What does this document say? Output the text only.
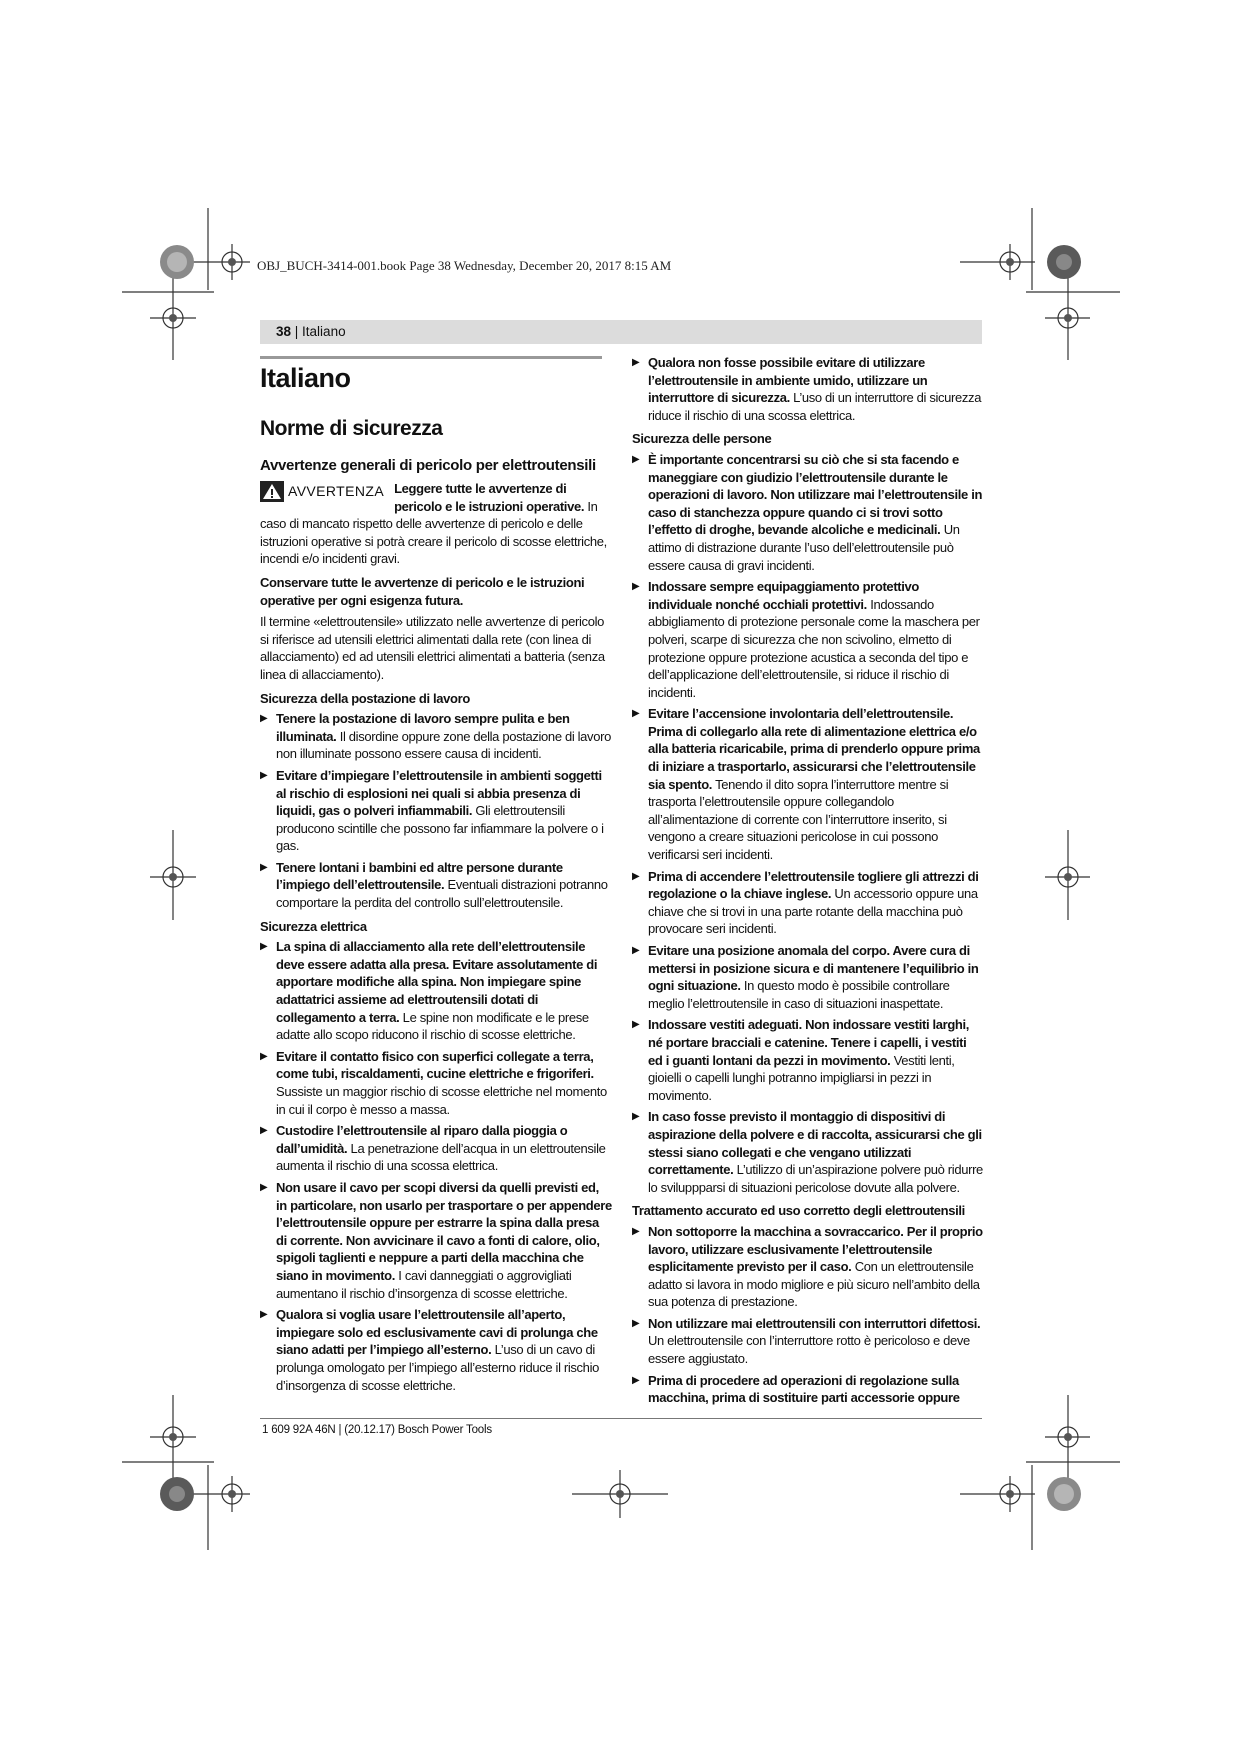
OBJ_BUCH-3414-001.book Page 38 Wednesday, December 20, 2017 8:15 AM
38 | Italiano
Italiano
Norme di sicurezza
Avvertenze generali di pericolo per elettroutensili
AVVERTENZA Leggere tutte le avvertenze di pericolo e le istruzioni operative. In caso di mancato rispetto delle avvertenze di pericolo e delle istruzioni operative si potrà creare il pericolo di scosse elettriche, incendi e/o incidenti gravi.

Conservare tutte le avvertenze di pericolo e le istruzioni operative per ogni esigenza futura.

Il termine «elettroutensile» utilizzato nelle avvertenze di pericolo si riferisce ad utensili elettrici alimentati dalla rete (con linea di allacciamento) ed ad utensili elettrici alimentati a batteria (senza linea di allacciamento).

Sicurezza della postazione di lavoro

▶ Tenere la postazione di lavoro sempre pulita e ben illuminata. Il disordine oppure zone della postazione di lavoro non illuminate possono essere causa di incidenti.

▶ Evitare d’impiegare l’elettroutensile in ambienti soggetti al rischio di esplosioni nei quali si abbia presenza di liquidi, gas o polveri infiammabili. Gli elettroutensili producono scintille che possono far infiammare la polvere o i gas.

▶ Tenere lontani i bambini ed altre persone durante l’impiego dell’elettroutensile. Eventuali distrazioni potranno comportare la perdita del controllo sull’elettroutensile.

Sicurezza elettrica

▶ La spina di allacciamento alla rete dell’elettroutensile deve essere adatta alla presa. Evitare assolutamente di apportare modifiche alla spina. Non impiegare spine adattatrici assieme ad elettroutensili dotati di collegamento a terra. Le spine non modificate e le prese adatte allo scopo riducono il rischio di scosse elettriche.

▶ Evitare il contatto fisico con superfici collegate a terra, come tubi, riscaldamenti, cucine elettriche e frigoriferi. Sussiste un maggior rischio di scosse elettriche nel momento in cui il corpo è messo a massa.

▶ Custodire l’elettroutensile al riparo dalla pioggia o dall’umidità. La penetrazione dell’acqua in un elettroutensile aumenta il rischio di una scossa elettrica.

▶ Non usare il cavo per scopi diversi da quelli previsti ed, in particolare, non usarlo per trasportare o per appendere l’elettroutensile oppure per estrarre la spina dalla presa di corrente. Non avvicinare il cavo a fonti di calore, olio, spigoli taglienti e neppure a parti della macchina che siano in movimento. I cavi danneggiati o aggrovigliati aumentano il rischio d’insorgenza di scosse elettriche.

▶ Qualora si voglia usare l’elettroutensile all’aperto, impiegare solo ed esclusivamente cavi di prolunga che siano adatti per l’impiego all’esterno. L’uso di un cavo di prolunga omologato per l’impiego all’esterno riduce il rischio d’insorgenza di scosse elettriche.

▶ Qualora non fosse possibile evitare di utilizzare l’elettroutensile in ambiente umido, utilizzare un interruttore di sicurezza. L’uso di un interruttore di sicurezza riduce il rischio di una scossa elettrica.

Sicurezza delle persone

▶ È importante concentrarsi su ciò che si sta facendo e maneggiare con giudizio l’elettroutensile durante le operazioni di lavoro. Non utilizzare mai l’elettroutensile in caso di stanchezza oppure quando ci si trovi sotto l’effetto di droghe, bevande alcoliche e medicinali. Un attimo di distrazione durante l’uso dell’elettroutensile può essere causa di gravi incidenti.

▶ Indossare sempre equipaggiamento protettivo individuale nonché occhiali protettivi. Indossando abbigliamento di protezione personale come la maschera per polveri, scarpe di sicurezza che non scivolino, elmetto di protezione oppure protezione acustica a seconda del tipo e dell’applicazione dell’elettroutensile, si riduce il rischio di incidenti.

▶ Evitare l’accensione involontaria dell’elettroutensile. Prima di collegarlo alla rete di alimentazione elettrica e/o alla batteria ricaricabile, prima di prenderlo oppure prima di iniziare a trasportarlo, assicurarsi che l’elettroutensile sia spento. Tenendo il dito sopra l’interruttore mentre si trasporta l’elettroutensile oppure collegandolo all’alimentazione di corrente con l’interruttore inserito, si vengono a creare situazioni pericolose in cui possono verificarsi seri incidenti.

▶ Prima di accendere l’elettroutensile togliere gli attrezzi di regolazione o la chiave inglese. Un accessorio oppure una chiave che si trovi in una parte rotante della macchina può provocare seri incidenti.

▶ Evitare una posizione anomala del corpo. Avere cura di mettersi in posizione sicura e di mantenere l’equilibrio in ogni situazione. In questo modo è possibile controllare meglio l’elettroutensile in caso di situazioni inaspettate.

▶ Indossare vestiti adeguati. Non indossare vestiti larghi, né portare bracciali e catenine. Tenere i capelli, i vestiti ed i guanti lontani da pezzi in movimento. Vestiti lenti, gioielli o capelli lunghi potranno impigliarsi in pezzi in movimento.

▶ In caso fosse previsto il montaggio di dispositivi di aspirazione della polvere e di raccolta, assicurarsi che gli stessi siano collegati e che vengano utilizzati correttamente. L’utilizzo di un’aspirazione polvere può ridurre lo sviluppparsi di situazioni pericolose dovute alla polvere.

Trattamento accurato ed uso corretto degli elettroutensili

▶ Non sottoporre la macchina a sovraccarico. Per il proprio lavoro, utilizzare esclusivamente l’elettroutensile esplicitamente previsto per il caso. Con un elettroutensile adatto si lavora in modo migliore e più sicuro nell’ambito della sua potenza di prestazione.

▶ Non utilizzare mai elettroutensili con interruttori difettosi. Un elettroutensile con l’interruttore rotto è pericoloso e deve essere aggiustato.

▶ Prima di procedere ad operazioni di regolazione sulla macchina, prima di sostituire parti accessorie oppure

1 609 92A 46N | (20.12.17) Bosch Power Tools
